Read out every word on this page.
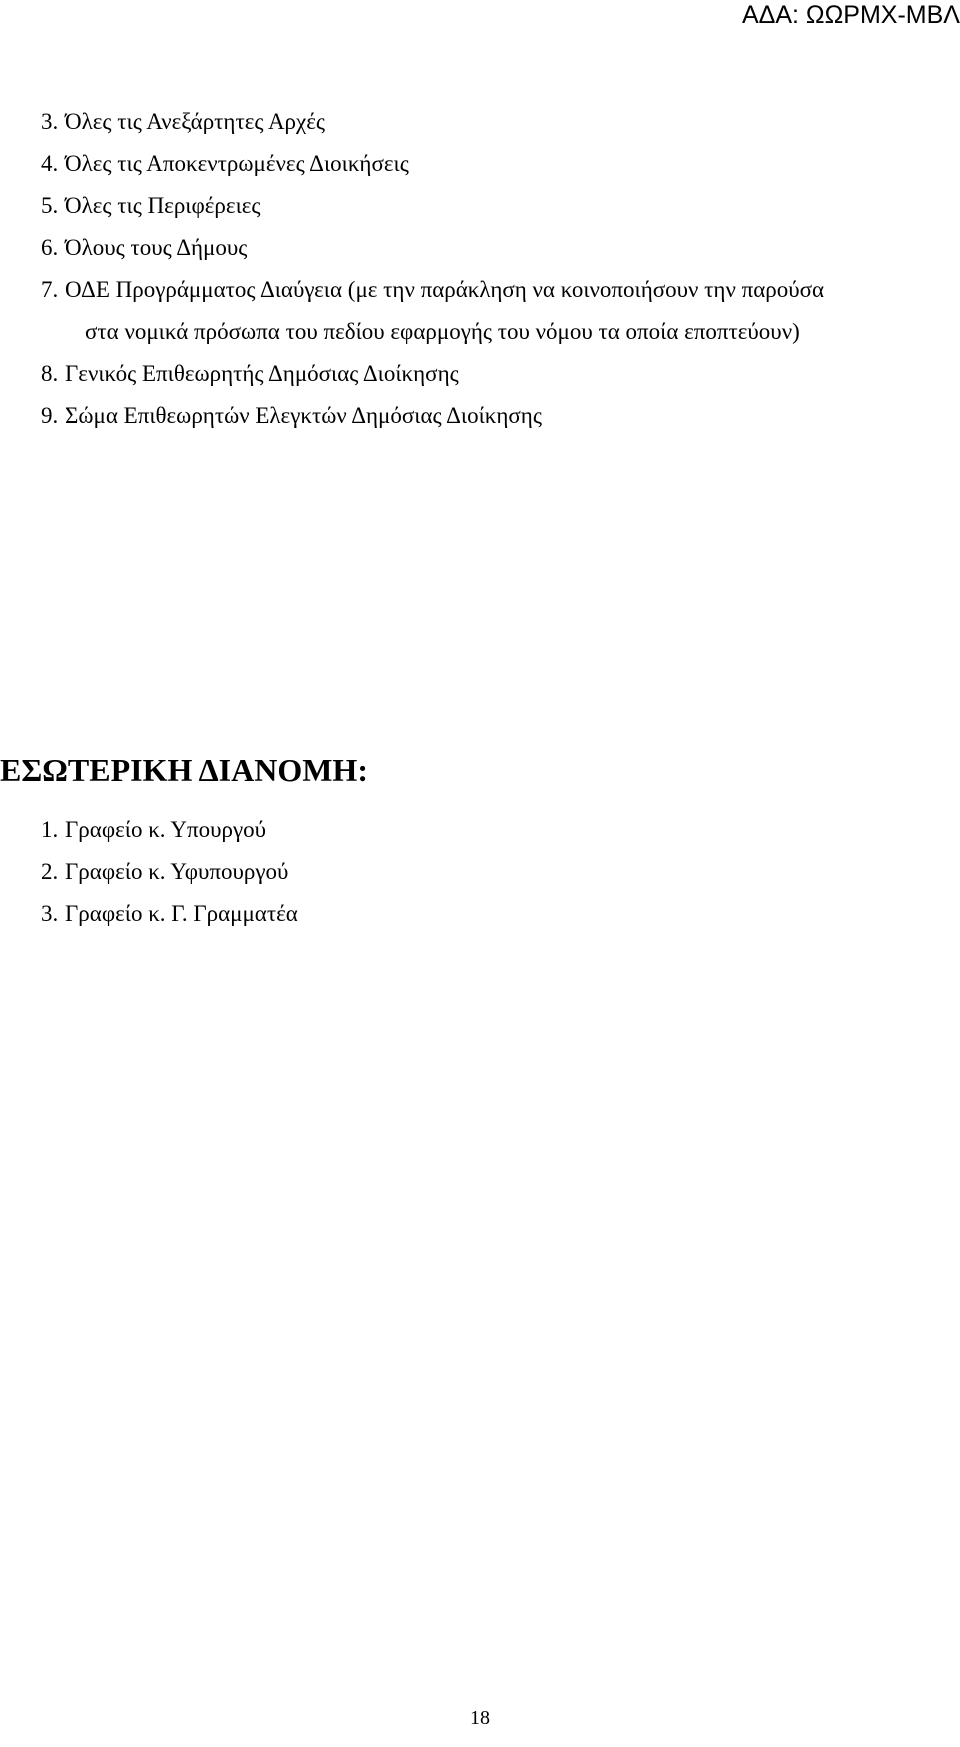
ΑΔΑ: ΩΩΡΜΧ-ΜΒΛ
3. Όλες τις Ανεξάρτητες Αρχές
4. Όλες τις Αποκεντρωμένες Διοικήσεις
5. Όλες τις Περιφέρειες
6. Όλους τους Δήμους
7. ΟΔΕ Προγράμματος Διαύγεια (με την παράκληση να κοινοποιήσουν την παρούσα
στα νομικά πρόσωπα του πεδίου εφαρμογής του νόμου τα οποία εποπτεύουν)
8. Γενικός Επιθεωρητής Δημόσιας Διοίκησης
9. Σώμα Επιθεωρητών Ελεγκτών Δημόσιας Διοίκησης
ΕΣΩΤΕΡΙΚΗ ΔΙΑΝΟΜΗ:
1. Γραφείο κ. Υπουργού
2. Γραφείο κ. Υφυπουργού
3. Γραφείο κ. Γ. Γραμματέα
18
